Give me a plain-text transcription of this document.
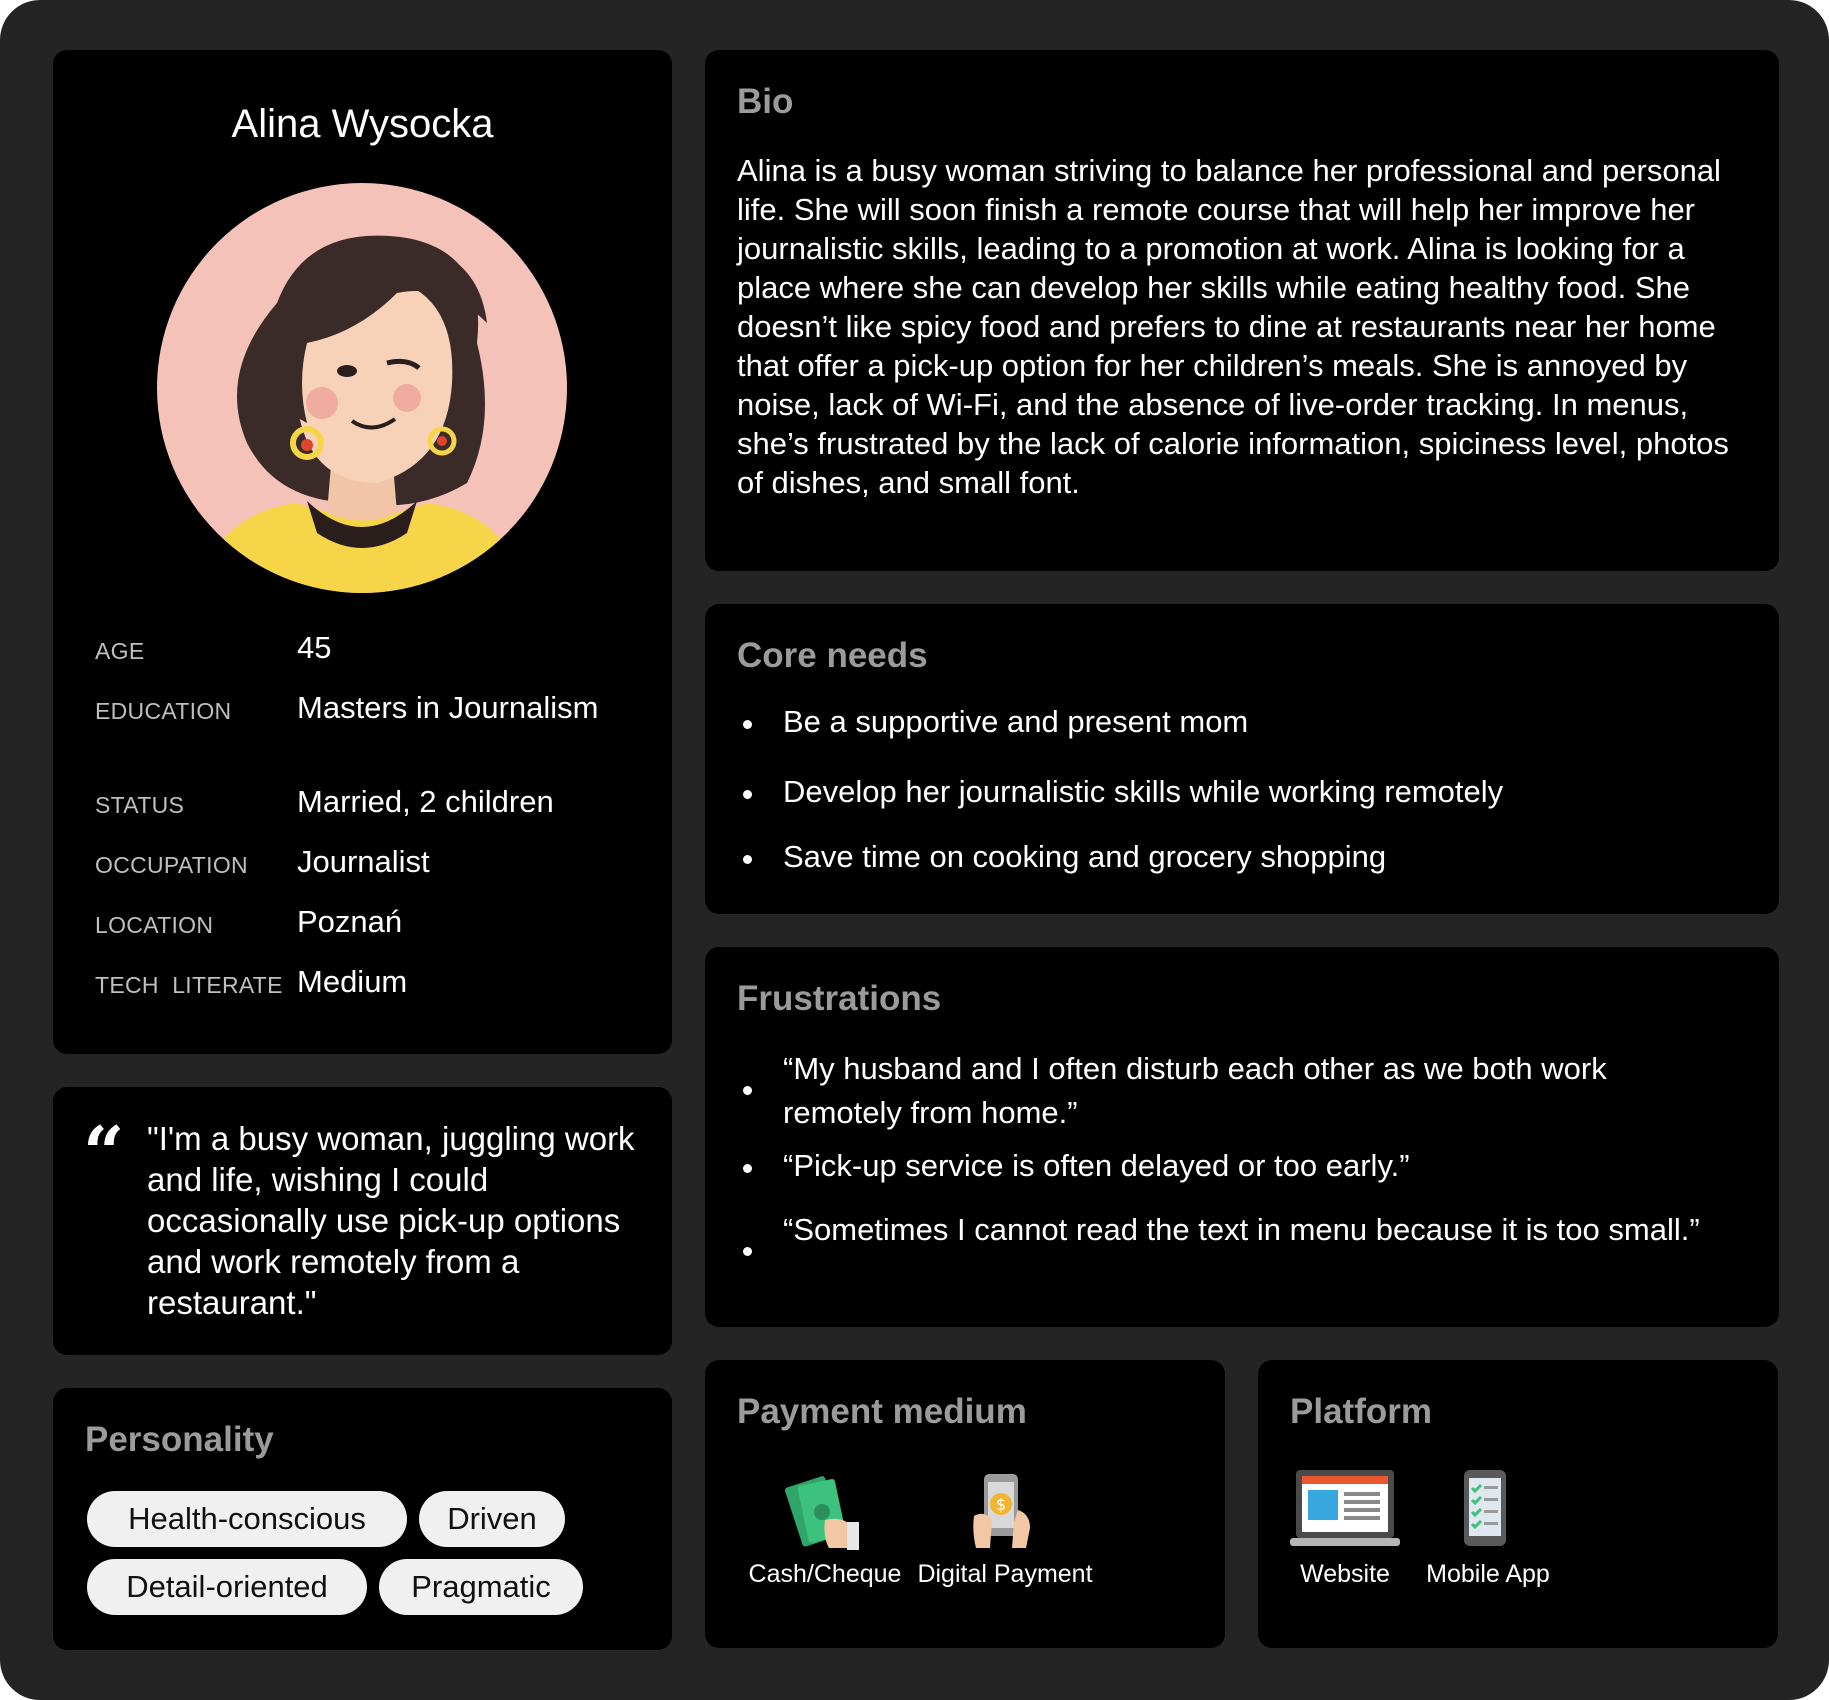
Alina Wysocka
AGE	45
EDUCATION Masters in Journalism
STATUS	Married, 2 children
OCCUPATION Journalist
LOCATION	Poznań
TECH  LITERATE Medium
“ "I'm a busy woman, juggling work and life, wishing I could occasionally use pick-up options and work remotely from a restaurant."
Personality
Health-conscious	Driven
Detail-oriented	Pragmatic
Bio
Alina is a busy woman striving to balance her professional and personal life. She will soon finish a remote course that will help her improve her journalistic skills, leading to a promotion at work. Alina is looking for a place where she can develop her skills while eating healthy food. She doesn’t like spicy food and prefers to dine at restaurants near her home that offer a pick-up option for her children’s meals. She is annoyed by noise, lack of Wi-Fi, and the absence of live-order tracking. In menus, she’s frustrated by the lack of calorie information, spiciness level, photos of dishes, and small font.
Core needs
Be a supportive and present mom
Develop her journalistic skills while working remotely
Save time on cooking and grocery shopping
Frustrations
“My husband and I often disturb each other as we both work remotely from home.”
“Pick-up service is often delayed or too early.”
“Sometimes I cannot read the text in menu because it is too small.”
Payment medium
Cash/Cheque
$
Digital Payment
Platform
Website	Mobile App
